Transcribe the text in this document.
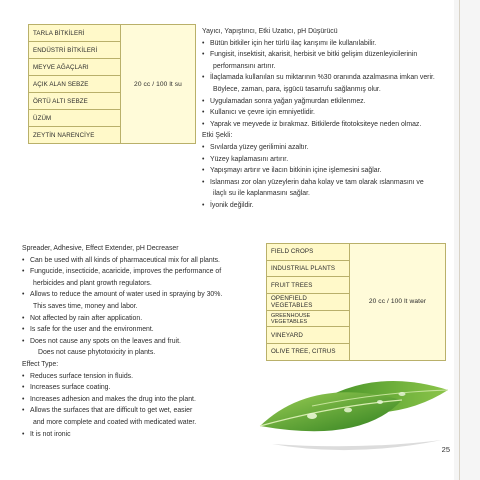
TARLA BİTKİLERİ	20 cc / 100 lt su
ENDÜSTRİ BİTKİLERİ
MEYVE AĞAÇLARI
AÇIK ALAN SEBZE
ÖRTÜ ALTI SEBZE
ÜZÜM
ZEYTİN NARENCİYE
Yayıcı, Yapıştırıcı, Etki Uzatıcı, pH Düşürücü
• Bütün bitkiler için her türlü ilaç karışımı ile kullanılabilir.
• Fungisit, insektisit, akarisit, herbisit ve bitki gelişim düzenleyicilerinin
performansını artırır.
• İlaçlamada kullanılan su miktarının %30 oranında azalmasına imkan verir.
Böylece, zaman, para, işgücü tasarrufu sağlanmış olur.
• Uygulamadan sonra yağan yağmurdan etkilenmez.
• Kullanıcı ve çevre için emniyetlidir.
• Yaprak ve meyvede iz bırakmaz. Bitkilerde fitotoksiteye neden olmaz.
Etki Şekli:
• Sıvılarda yüzey gerilimini azaltır.
• Yüzey kaplamasını artırır.
• Yapışmayı artırır ve ilacın bitkinin içine işlemesini sağlar.
• Islanması zor olan yüzeylerin daha kolay ve tam olarak ıslanmasını ve
ilaçlı su ile kaplanmasını sağlar.
• İyonik değildir.
Spreader, Adhesive, Effect Extender, pH Decreaser
• Can be used with all kinds of pharmaceutical mix for all plants.
• Fungucide, insecticide, acaricide, improves the performance of
herbicides and plant growth regulators.
• Allows to reduce the amount of water used in spraying by 30%.
This saves time, money and labor.
• Not affected by rain after application.
• Is safe for the user and the environment.
• Does not cause any spots on the leaves and fruit.
Does not cause phytotoxicity in plants.
Effect Type:
• Reduces surface tension in fluids.
• Increases surface coating.
• Increases adhesion and makes the drug into the plant.
• Allows the surfaces that are difficult to get wet, easier
and more complete and coated with medicated water.
• It is not ironic
FIELD CROPS	20 cc / 100 lt water
INDUSTRIAL PLANTS
FRUIT TREES
OPENFIELD VEGETABLES
GREENHOUSE VEGETABLES
VINEYARD
OLIVE TREE, CITRUS
25
